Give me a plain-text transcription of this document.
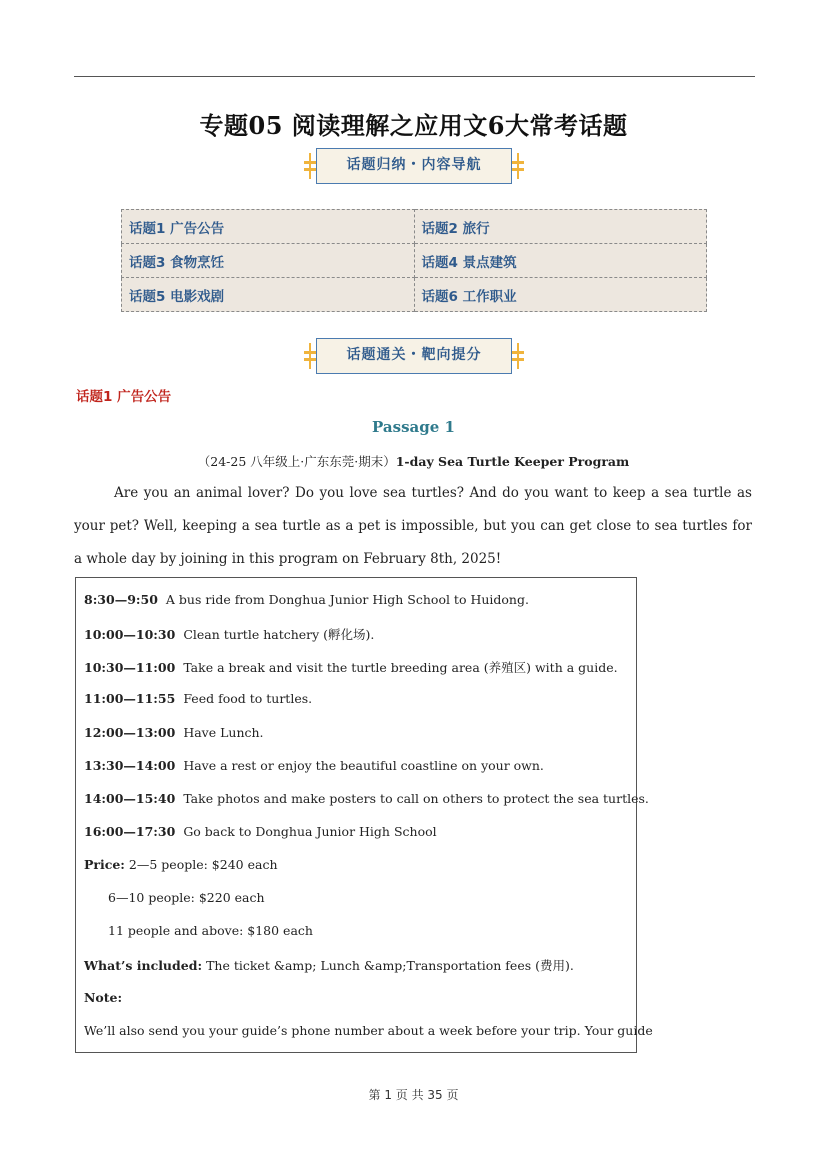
专题05 阅读理解之应用文6大常考话题
话题归纳・内容导航
话题1 广告公告	话题2 旅行
话题3 食物烹饪	话题4 景点建筑
话题5 电影戏剧	话题6 工作职业
话题通关・靶向提分
话题1 广告公告
Passage 1
（24-25 八年级上·广东东莞·期末）1-day Sea Turtle Keeper Program

Are you an animal lover? Do you love sea turtles? And do you want to keep a sea turtle as your pet? Well, keeping a sea turtle as a pet is impossible, but you can get close to sea turtles for a whole day by joining in this program on February 8th, 2025!

8:30—9:50 A bus ride from Donghua Junior High School to Huidong.
10:00—10:30 Clean turtle hatchery (孵化场).
10:30—11:00 Take a break and visit the turtle breeding area (养殖区) with a guide.
11:00—11:55 Feed food to turtles.
12:00—13:00 Have Lunch.
13:30—14:00 Have a rest or enjoy the beautiful coastline on your own.
14:00—15:40 Take photos and make posters to call on others to protect the sea turtles.
16:00—17:30 Go back to Donghua Junior High School
Price: 2—5 people: $240 each
6—10 people: $220 each
11 people and above: $180 each
What’s included: The ticket &amp; Lunch &amp;Transportation fees (费用).
Note:
We’ll also send you your guide’s phone number about a week before your trip. Your guide
第 1 页 共 35 页
